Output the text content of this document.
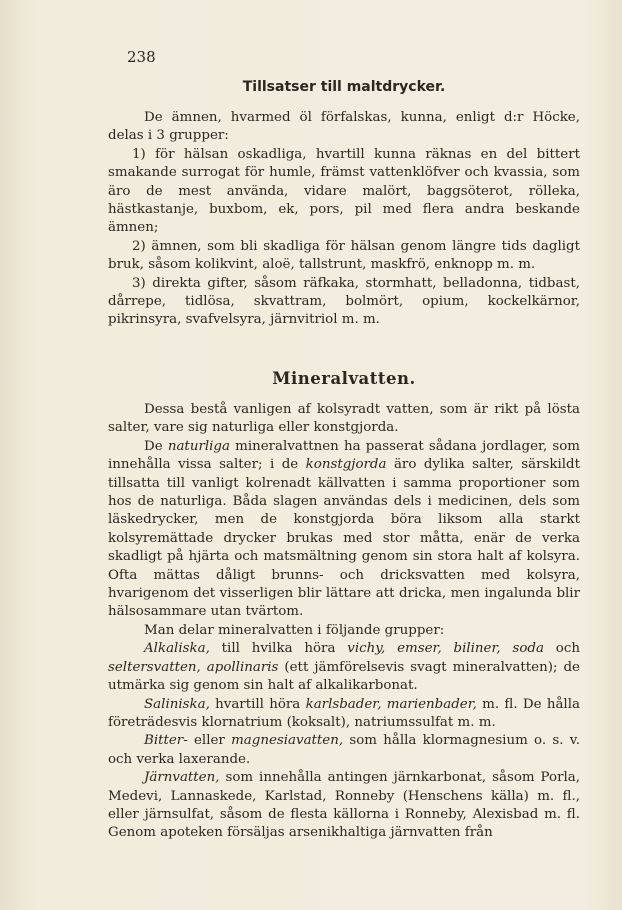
238
Tillsatser till maltdrycker.

De ämnen, hvarmed öl förfalskas, kunna, enligt d:r Höcke, delas i 3 grupper:

1) för hälsan oskadliga, hvartill kunna räknas en del bittert smakande surrogat för humle, främst vattenklöfver och kvassia, som äro de mest använda, vidare malört, baggsöterot, rölleka, hästkastanje, buxbom, ek, pors, pil med flera andra beskande ämnen;

2) ämnen, som bli skadliga för hälsan genom längre tids dagligt bruk, såsom kolikvint, aloë, tallstrunt, maskfrö, enknopp m. m.

3) direkta gifter, såsom räfkaka, stormhatt, belladonna, tidbast, dårrepe, tidlösa, skvattram, bolmört, opium, kockelkärnor, pikrinsyra, svafvelsyra, järnvitriol m. m.

Mineralvatten.

Dessa bestå vanligen af kolsyradt vatten, som är rikt på lösta salter, vare sig naturliga eller konstgjorda.

De naturliga mineralvattnen ha passerat sådana jordlager, som innehålla vissa salter; i de konstgjorda äro dylika salter, särskildt tillsatta till vanligt kolrenadt källvatten i samma proportioner som hos de naturliga. Båda slagen användas dels i medicinen, dels som läskedrycker, men de konstgjorda böra liksom alla starkt kolsyremättade drycker brukas med stor måtta, enär de verka skadligt på hjärta och matsmältning genom sin stora halt af kolsyra. Ofta mättas dåligt brunns- och dricksvatten med kolsyra, hvarigenom det visserligen blir lättare att dricka, men ingalunda blir hälsosammare utan tvärtom.

Man delar mineralvatten i följande grupper:

Alkaliska, till hvilka höra vichy, emser, biliner, soda och seltersvatten, apollinaris (ett jämförelsevis svagt mineralvatten); de utmärka sig genom sin halt af alkalikarbonat.

Saliniska, hvartill höra karlsbader, marienbader, m. fl. De hålla företrädesvis klornatrium (koksalt), natriumssulfat m. m.

Bitter- eller magnesiavatten, som hålla klormagnesium o. s. v. och verka laxerande.

Järnvatten, som innehålla antingen järnkarbonat, såsom Porla, Medevi, Lannaskede, Karlstad, Ronneby (Henschens källa) m. fl., eller järnsulfat, såsom de flesta källorna i Ronneby, Alexisbad m. fl. Genom apoteken försäljas arsenikhaltiga järnvatten från
